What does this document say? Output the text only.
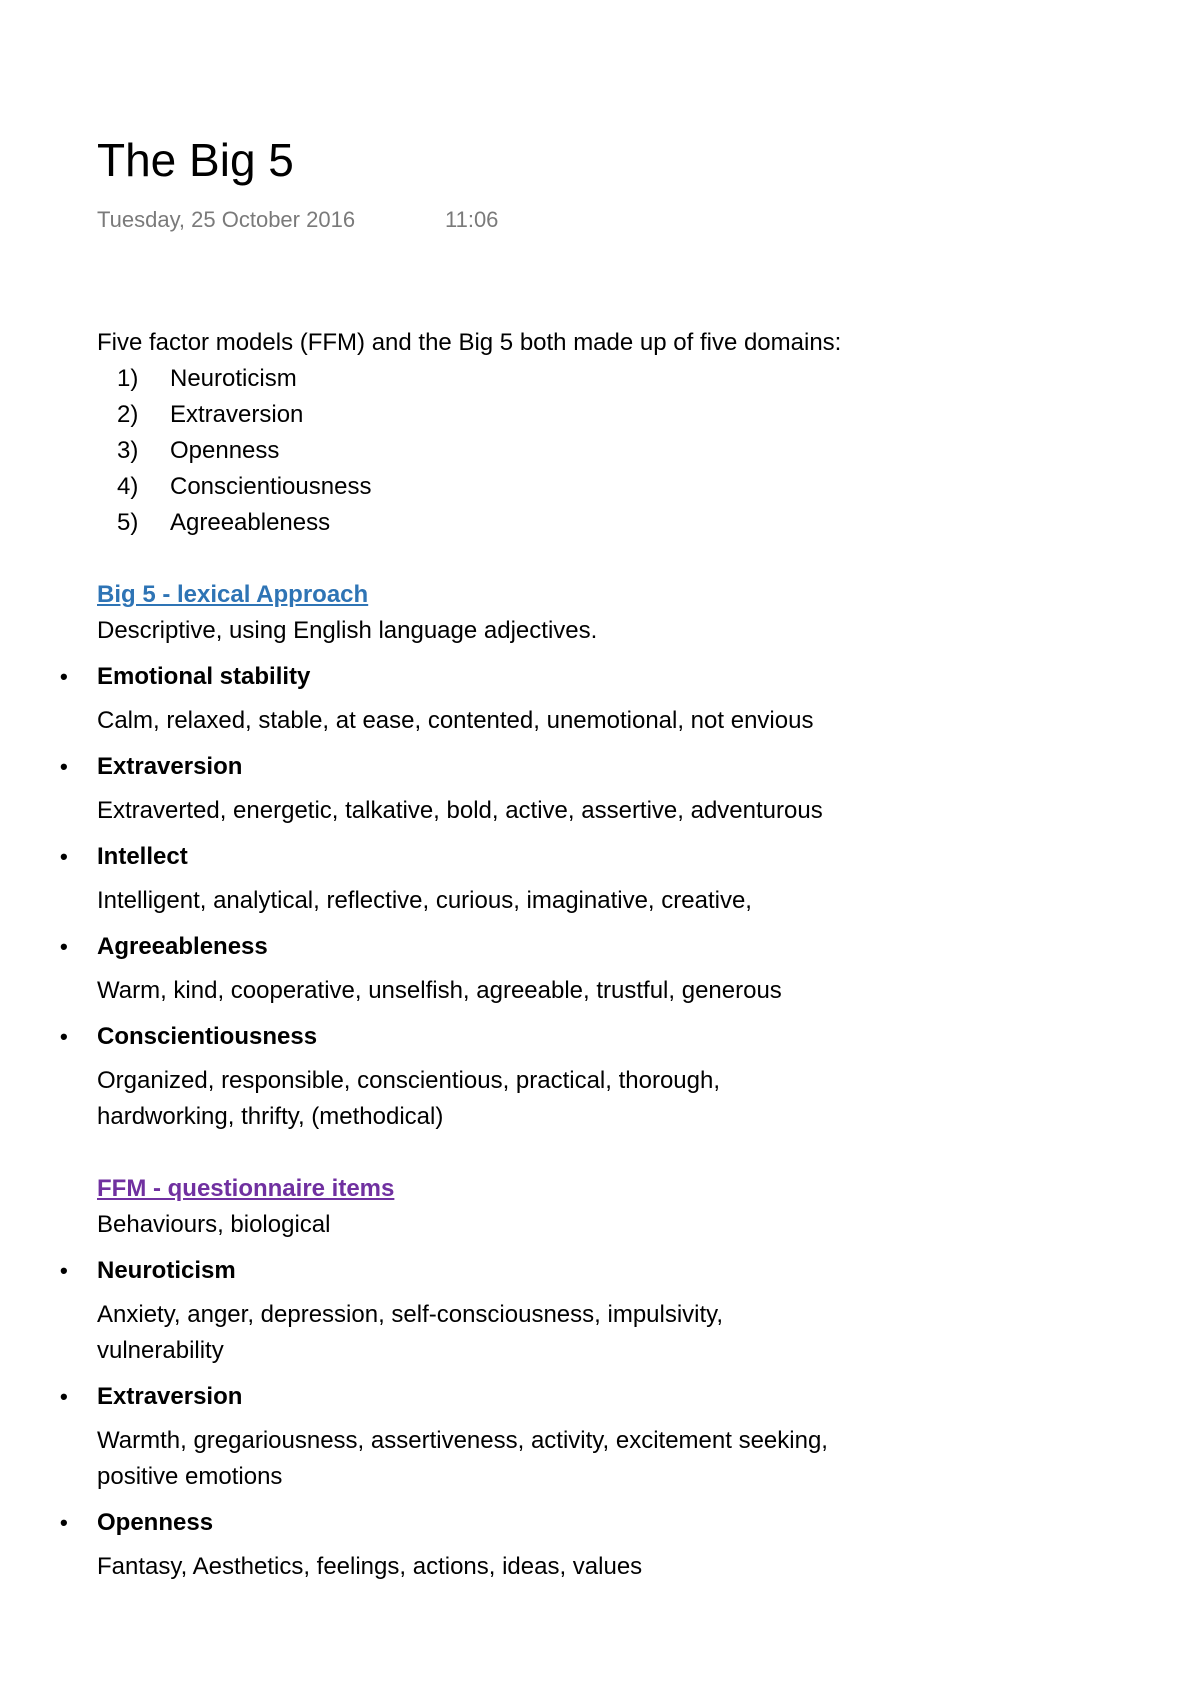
The Big 5
Tuesday, 25 October 2016	11:06

Five factor models (FFM) and the Big 5 both made up of five domains:

1) Neuroticism
2) Extraversion
3) Openness
4) Conscientiousness
5) Agreeableness
Big 5 - lexical Approach
Descriptive, using English language adjectives.
• Emotional stability
Calm, relaxed, stable, at ease, contented, unemotional, not envious
• Extraversion
Extraverted, energetic, talkative, bold, active, assertive, adventurous
• Intellect
Intelligent, analytical, reflective, curious, imaginative, creative,
• Agreeableness
Warm, kind, cooperative, unselfish, agreeable, trustful, generous
• Conscientiousness
Organized, responsible, conscientious, practical, thorough,
hardworking, thrifty, (methodical)
FFM - questionnaire items
Behaviours, biological
• Neuroticism
Anxiety, anger, depression, self-consciousness, impulsivity,
vulnerability
• Extraversion
Warmth, gregariousness, assertiveness, activity, excitement seeking,
positive emotions
• Openness
Fantasy, Aesthetics, feelings, actions, ideas, values
